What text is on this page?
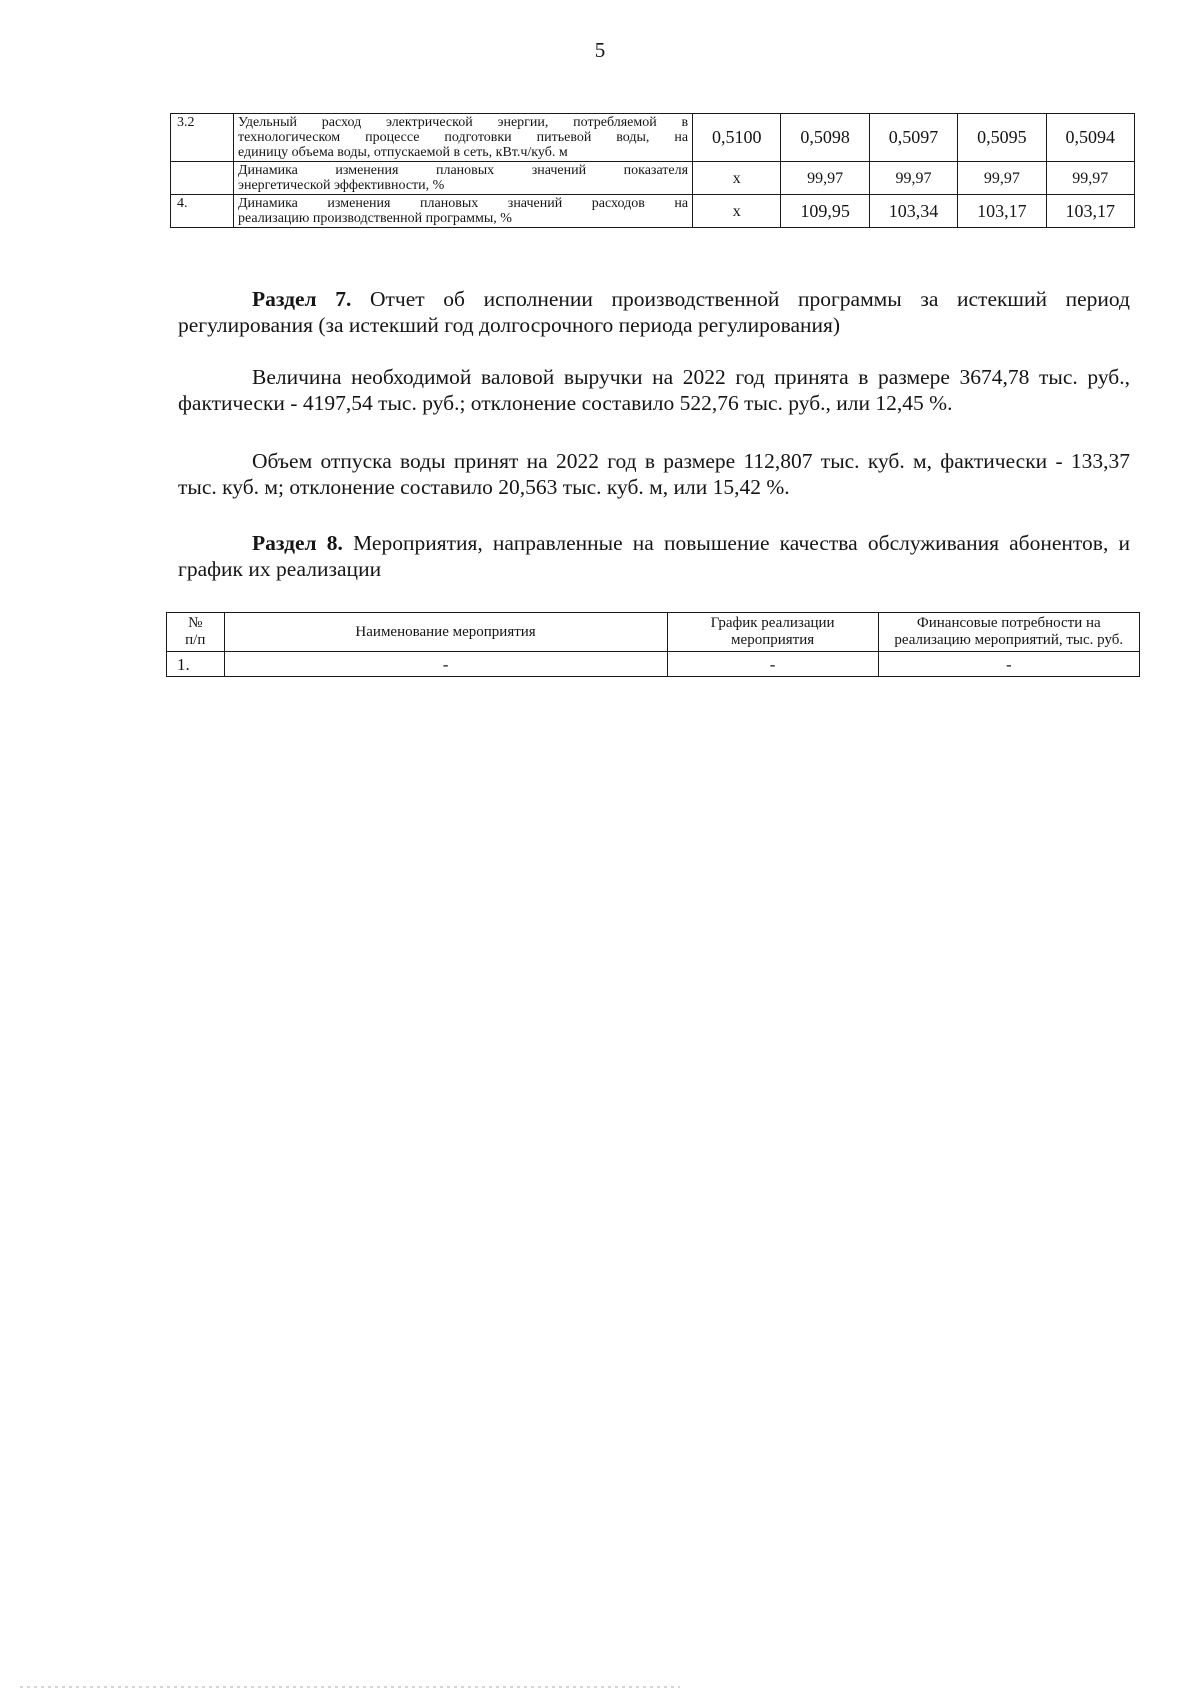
5
3.2	Удельный расход электрической энергии, потребляемой в
технологическом процессе подготовки питьевой воды, на
единицу объема воды, отпускаемой в сеть, кВт.ч/куб. м	0,5100	0,5098	0,5097	0,5095	0,5094

	Динамика изменения плановых значений показателя
энергетической эффективности, %	х	99,97	99,97	99,97	99,97
4.	Динамика изменения плановых значений расходов на
реализацию производственной программы, %	х	109,95	103,34	103,17	103,17
Раздел 7. Отчет об исполнении производственной программы за истекший период регулирования (за истекший год долгосрочного периода регулирования)
Величина необходимой валовой выручки на 2022 год принята в размере 3674,78 тыс. руб., фактически - 4197,54 тыс. руб.; отклонение составило 522,76 тыс. руб., или 12,45 %.
Объем отпуска воды принят на 2022 год в размере 112,807 тыс. куб. м, фактически - 133,37 тыс. куб. м; отклонение составило 20,563 тыс. куб. м, или 15,42 %.
Раздел 8. Мероприятия, направленные на повышение качества обслуживания абонентов, и график их реализации
№
п/п	Наименование мероприятия	График реализации мероприятия	Финансовые потребности на реализацию мероприятий, тыс. руб.
1.	-	-	-
